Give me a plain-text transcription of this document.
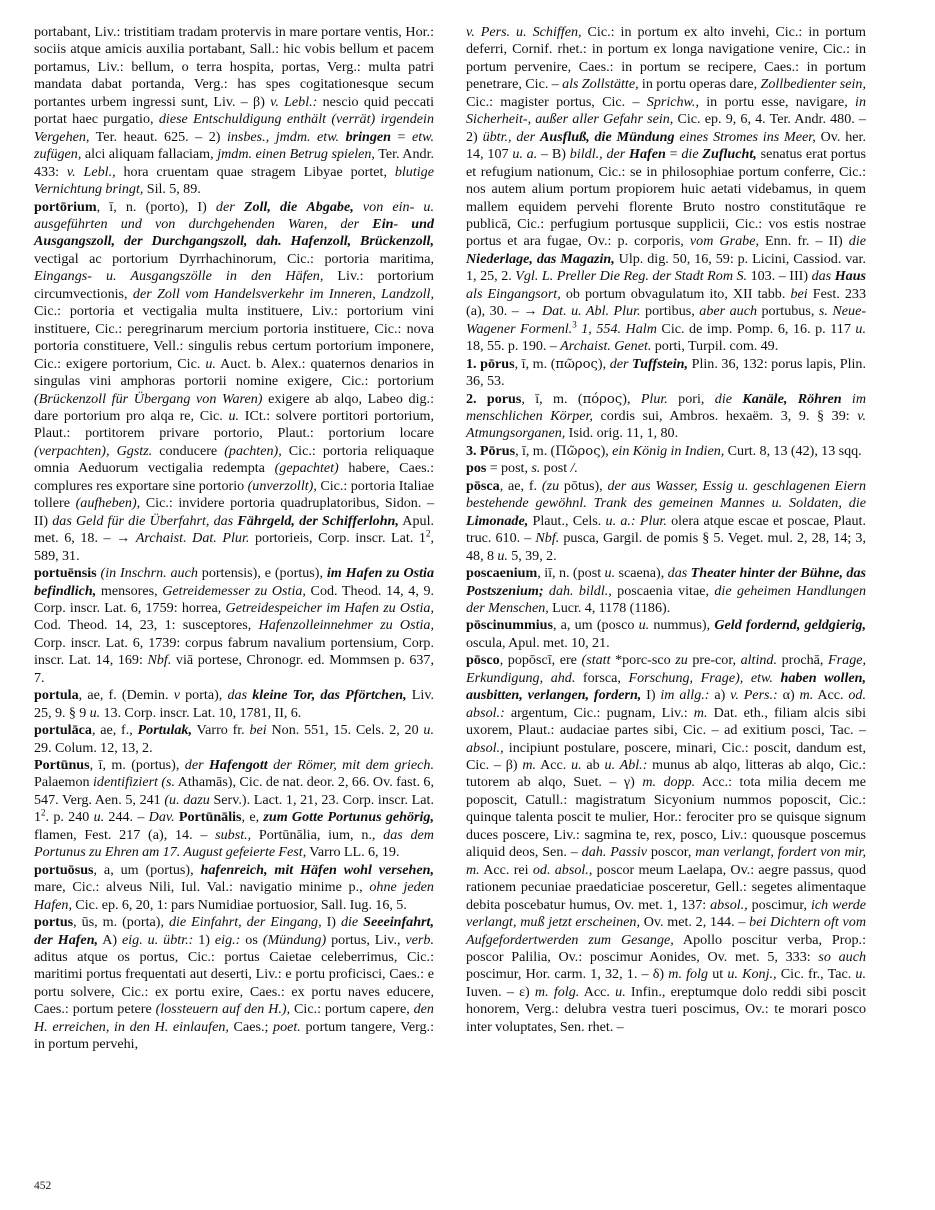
portabant, Liv.: tristitiam tradam protervis in mare portare ventis, Hor.: sociis atque amicis auxilia portabant, Sall.: hic vobis bellum et pacem portamus, Liv.: bellum, o terra hospita, portas, Verg.: multa patri mandata dabat portanda, Verg.: has spes cogitationesque secum portantes urbem ingressi sunt, Liv. – β) v. Lebl.: nescio quid peccati portat haec purgatio, diese Entschuldigung enthält (verrät) irgendein Vergehen, Ter. heaut. 625. – 2) insbes., jmdm. etw. bringen = etw. zufügen, alci aliquam fallaciam, jmdm. einen Betrug spielen, Ter. Andr. 433: v. Lebl., hora cruentam quae stragem Libyae portet, blutige Vernichtung bringt, Sil. 5, 89.

portōrium, ī, n. (porto), I) der Zoll, die Abgabe, von ein- u. ausgeführten und von durchgehenden Waren, der Ein- und Ausgangszoll, der Durchgangszoll, dah. Hafenzoll, Brückenzoll, vectigal ac portorium Dyrrhachinorum, Cic.: portoria maritima, Eingangs- u. Ausgangszölle in den Häfen, Liv.: portorium circumvectionis, der Zoll vom Handelsverkehr im Inneren, Landzoll, Cic.: portoria et vectigalia multa instituere, Liv.: portorium vini instituere, Cic.: peregrinarum mercium portoria instituere, Cic.: nova portoria constituere, Vell.: singulis rebus certum portorium imponere, Cic.: exigere portorium, Cic. u. Auct. b. Alex.: quaternos denarios in singulas vini amphoras portorii nomine exigere, Cic.: portorium (Brückenzoll für Übergang von Waren) exigere ab alqo, Labeo dig.: dare portorium pro alqa re, Cic. u. ICt.: solvere portitori portorium, Plaut.: portitorem privare portorio, Plaut.: portorium locare (verpachten), Ggstz. conducere (pachten), Cic.: portoria reliquaque omnia Aeduorum vectigalia redempta (gepachtet) habere, Caes.: complures res exportare sine portorio (unverzollt), Cic.: portoria Italiae tollere (aufheben), Cic.: invidere portoria quadruplatoribus, Sidon. – II) das Geld für die Überfahrt, das Fährgeld, der Schifferlohn, Apul. met. 6, 18. – → Archaist. Dat. Plur. portorieis, Corp. inscr. Lat. $1^2$, 589, 31.

portuēnsis (in Inschrn. auch portensis), e (portus), im Hafen zu Ostia befindlich, mensores, Getreidemesser zu Ostia, Cod. Theod. 14, 4, 9. Corp. inscr. Lat. 6, 1759: horrea, Getreidespeicher im Hafen zu Ostia, Cod. Theod. 14, 23, 1: susceptores, Hafenzolleinnehmer zu Ostia, Corp. inscr. Lat. 6, 1739: corpus fabrum navalium portensium, Corp. inscr. Lat. 14, 169: Nbf. viā portese, Chronogr. ed. Mommsen p. 637, 7.

portula, ae, f. (Demin. v porta), das kleine Tor, das Pförtchen, Liv. 25, 9. § 9 u. 13. Corp. inscr. Lat. 10, 1781, II, 6.

portulāca, ae, f., Portulak, Varro fr. bei Non. 551, 15. Cels. 2, 20 u. 29. Colum. 12, 13, 2.

Portūnus, ī, m. (portus), der Hafengott der Römer, mit dem griech. Palaemon identifiziert (s. Athamās), Cic. de nat. deor. 2, 66. Ov. fast. 6, 547. Verg. Aen. 5, 241 (u. dazu Serv.). Lact. 1, 21, 23. Corp. inscr. Lat. $1^2$. p. 240 u. 244. – Dav. Portūnālis, e, zum Gotte Portunus gehörig, flamen, Fest. 217 (a), 14. – subst., Portūnālia, ium, n., das dem Portunus zu Ehren am 17. August gefeierte Fest, Varro LL. 6, 19.

portuōsus, a, um (portus), hafenreich, mit Häfen wohl versehen, mare, Cic.: alveus Nili, Iul. Val.: navigatio minime p., ohne jeden Hafen, Cic. ep. 6, 20, 1: pars Numidiae portuosior, Sall. Iug. 16, 5.

portus, ūs, m. (porta), die Einfahrt, der Eingang, I) die Seeeinfahrt, der Hafen, A) eig. u. übtr.: 1) eig.: os (Mündung) portus, Liv., verb. aditus atque os portus, Cic.: portus Caietae celeberrimus, Cic.: maritimi portus frequentati aut deserti, Liv.: e portu proficisci, Caes.: e portu solvere, Cic.: ex portu exire, Caes.: ex portu naves educere, Caes.: portum petere (lossteuern auf den H.), Cic.: portum capere, den H. erreichen, in den H. einlaufen, Caes.; poet. portum tangere, Verg.: in portum pervehi,

v. Pers. u. Schiffen, Cic.: in portum ex alto invehi, Cic.: in portum deferri, Cornif. rhet.: in portum ex longa navigatione venire, Cic.: in portum pervenire, Caes.: in portum se recipere, Caes.: in portum penetrare, Cic. – als Zollstätte, in portu operas dare, Zollbedienter sein, Cic.: magister portus, Cic. – Sprichw., in portu esse, navigare, in Sicherheit-, außer aller Gefahr sein, Cic. ep. 9, 6, 4. Ter. Andr. 480. – 2) übtr., der Ausfluß, die Mündung eines Stromes ins Meer, Ov. her. 14, 107 u. a. – B) bildl., der Hafen = die Zuflucht, senatus erat portus et refugium nationum, Cic.: se in philosophiae portum conferre, Cic.: nos autem alium portum propiorem huic aetati videbamus, in quem mallem equidem pervehi florente Bruto nostro constitutāque re publicā, Cic.: perfugium portusque supplicii, Cic.: vos estis nostrae portus et ara fugae, Ov.: p. corporis, vom Grabe, Enn. fr. – II) die Niederlage, das Magazin, Ulp. dig. 50, 16, 59: p. Licini, Cassiod. var. 1, 25, 2. Vgl. L. Preller Die Reg. der Stadt Rom S. 103. – III) das Haus als Eingangsort, ob portum obvagulatum ito, XII tabb. bei Fest. 233 (a), 30. – → Dat. u. Abl. Plur. portibus, aber auch portubus, s. Neue-Wagener Formenl.$^3$ 1, 554. Halm Cic. de imp. Pomp. 6, 16. p. 117 u. 18, 55. p. 190. – Archaist. Genet. porti, Turpil. com. 49.

1. pōrus, ī, m. (πῶρος), der Tuffstein, Plin. 36, 132: porus lapis, Plin. 36, 53.

2. porus, ī, m. (πόρος), Plur. pori, die Kanäle, Röhren im menschlichen Körper, cordis sui, Ambros. hexaëm. 3, 9. § 39: v. Atmungsorganen, Isid. orig. 11, 1, 80.

3. Pōrus, ī, m. (Πῶρος), ein König in Indien, Curt. 8, 13 (42), 13 sqq.

pos = post, s. post /.

pōsca, ae, f. (zu pōtus), der aus Wasser, Essig u. geschlagenen Eiern bestehende gewöhnl. Trank des gemeinen Mannes u. Soldaten, die Limonade, Plaut., Cels. u. a.: Plur. olera atque escae et poscae, Plaut. truc. 610. – Nbf. pusca, Gargil. de pomis § 5. Veget. mul. 2, 28, 14; 3, 48, 8 u. 5, 39, 2.

poscaenium, iī, n. (post u. scaena), das Theater hinter der Bühne, das Postszenium; dah. bildl., poscaenia vitae, die geheimen Handlungen der Menschen, Lucr. 4, 1178 (1186).

pōscinummius, a, um (posco u. nummus), Geld fordernd, geldgierig, oscula, Apul. met. 10, 21.

pōsco, popōscī, ere (statt *porc-sco zu pre-cor, altind. prochā, Frage, Erkundigung, ahd. forsca, Forschung, Frage), etw. haben wollen, ausbitten, verlangen, fordern, I) im allg.: a) v. Pers.: α) m. Acc. od. absol.: argentum, Cic.: pugnam, Liv.: m. Dat. eth., filiam alcis sibi uxorem, Plaut.: audaciae partes sibi, Cic. – ad exitium posci, Tac. – absol., incipiunt postulare, poscere, minari, Cic.: poscit, dandum est, Cic. – β) m. Acc. u. ab u. Abl.: munus ab alqo, litteras ab alqo, Cic.: tutorem ab alqo, Suet. – γ) m. dopp. Acc.: tota milia decem me poposcit, Catull.: magistratum Sicyonium nummos poposcit, Cic.: quinque talenta poscit te mulier, Hor.: ferociter pro se quisque signum duces poscere, Liv.: sagmina te, rex, posco, Liv.: quousque poscemus aliquid deos, Sen. – dah. Passiv poscor, man verlangt, fordert von mir, m. Acc. rei od. absol., poscor meum Laelapa, Ov.: aegre passus, quod rationem pecuniae praedaticiae posceretur, Gell.: segetes alimentaque debita poscebatur humus, Ov. met. 1, 137: absol., poscimur, ich werde verlangt, muß jetzt erscheinen, Ov. met. 2, 144. – bei Dichtern oft vom Aufgefordertwerden zum Gesange, Apollo poscitur verba, Prop.: poscor Palilia, Ov.: poscimur Aonides, Ov. met. 5, 333: so auch poscimur, Hor. carm. 1, 32, 1. – δ) m. folg ut u. Konj., Cic. fr., Tac. u. Iuven. – ε) m. folg. Acc. u. Infin., ereptumque dolo reddi sibi poscit honorem, Verg.: delubra vestra tueri poscimus, Ov.: te morari posco inter voluptates, Sen. rhet. –

452
